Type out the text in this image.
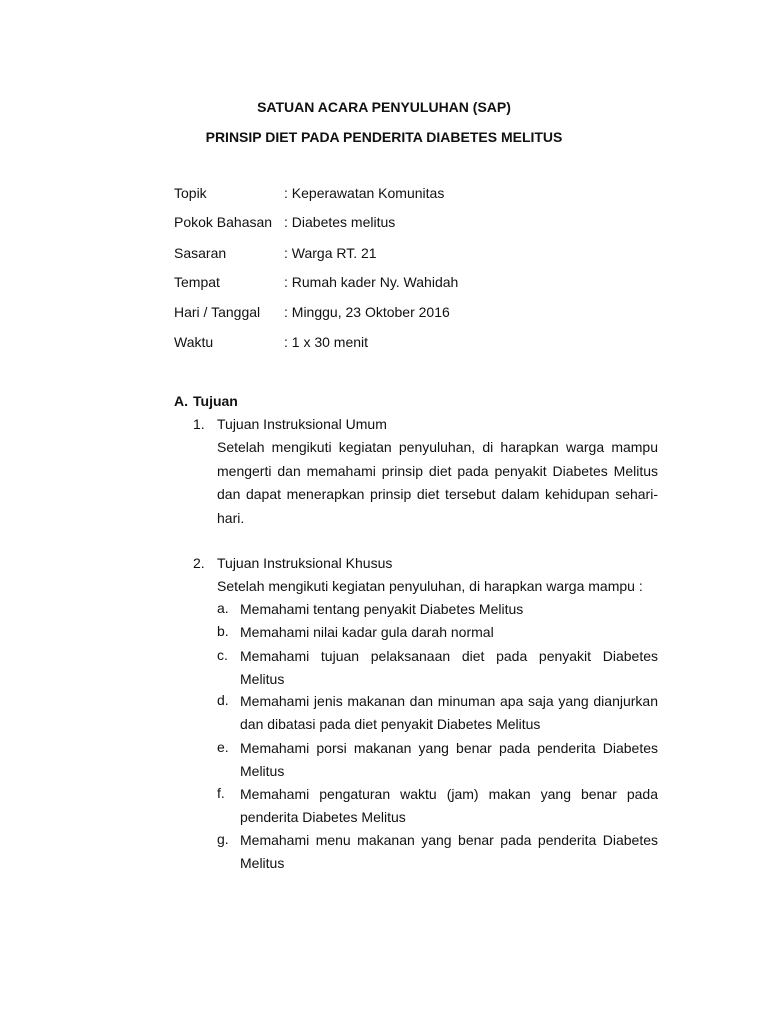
SATUAN ACARA PENYULUHAN (SAP)
PRINSIP DIET PADA PENDERITA DIABETES MELITUS
Topik	: Keperawatan Komunitas
Pokok Bahasan : Diabetes melitus
Sasaran	: Warga RT. 21
Tempat	: Rumah kader Ny. Wahidah
Hari / Tanggal : Minggu, 23 Oktober 2016
Waktu	: 1 x 30 menit
A. Tujuan
1. Tujuan Instruksional Umum
Setelah mengikuti kegiatan penyuluhan, di harapkan warga mampu
mengerti dan memahami prinsip diet pada penyakit Diabetes Melitus
dan dapat menerapkan prinsip diet tersebut dalam kehidupan sehari-
hari.
2. Tujuan Instruksional Khusus
Setelah mengikuti kegiatan penyuluhan, di harapkan warga mampu :
a. Memahami tentang penyakit Diabetes Melitus
b. Memahami nilai kadar gula darah normal
c. Memahami tujuan pelaksanaan diet pada penyakit Diabetes
Melitus
d. Memahami jenis makanan dan minuman apa saja yang dianjurkan
dan dibatasi pada diet penyakit Diabetes Melitus
e. Memahami porsi makanan yang benar pada penderita Diabetes
Melitus
f. Memahami pengaturan waktu (jam) makan yang benar pada
penderita Diabetes Melitus
g. Memahami menu makanan yang benar pada penderita Diabetes
Melitus
